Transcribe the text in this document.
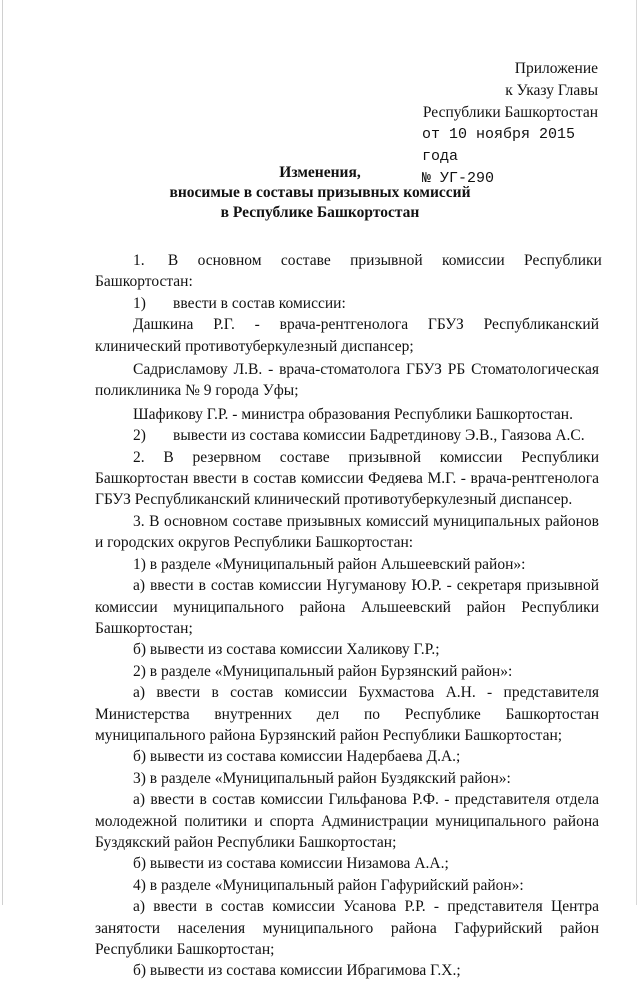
Приложение
к Указу Главы
Республики Башкортостан
от 10 ноября 2015 года
№ УГ-290
Изменения,
вносимые в составы призывных комиссий
в Республике Башкортостан

1.      В     основном     составе     призывной     комиссии     Республики

Башкортостан:

1)       ввести в состав комиссии:

Дашкина Р.Г. - врача-рентгенолога ГБУЗ Республиканский клинический противотуберкулезный диспансер;

Садрисламову Л.В. - врача-стоматолога ГБУЗ РБ Стоматологическая поликлиника № 9 города Уфы;

Шафикову Г.Р. - министра образования Республики Башкортостан.

2)       вывести из состава комиссии Бадретдинову Э.В., Гаязова А.С.

2. В резервном составе призывной комиссии Республики Башкортостан ввести в состав комиссии Федяева М.Г. - врача-рентгенолога ГБУЗ Республиканский клинический противотуберкулезный диспансер.

3. В основном составе призывных комиссий муниципальных районов и городских округов Республики Башкортостан:

1) в разделе «Муниципальный район Альшеевский район»:

а) ввести в состав комиссии Нугуманову Ю.Р. - секретаря призывной комиссии муниципального района Альшеевский район Республики Башкортостан;

б) вывести из состава комиссии Халикову Г.Р.;

2) в разделе «Муниципальный район Бурзянский район»:

а) ввести в состав комиссии Бухмастова А.Н. - представителя Министерства внутренних дел по Республике Башкортостан муниципального района Бурзянский район Республики Башкортостан;

б) вывести из состава комиссии Надербаева Д.А.;

3) в разделе «Муниципальный район Буздякский район»:

а) ввести в состав комиссии Гильфанова Р.Ф. - представителя отдела молодежной политики и спорта Администрации муниципального района Буздякский район Республики Башкортостан;

б) вывести из состава комиссии Низамова А.А.;

4) в разделе «Муниципальный район Гафурийский район»:

а) ввести в состав комиссии Усанова Р.Р. - представителя Центра занятости населения муниципального района Гафурийский район Республики Башкортостан;

б) вывести из состава комиссии Ибрагимова Г.Х.;
